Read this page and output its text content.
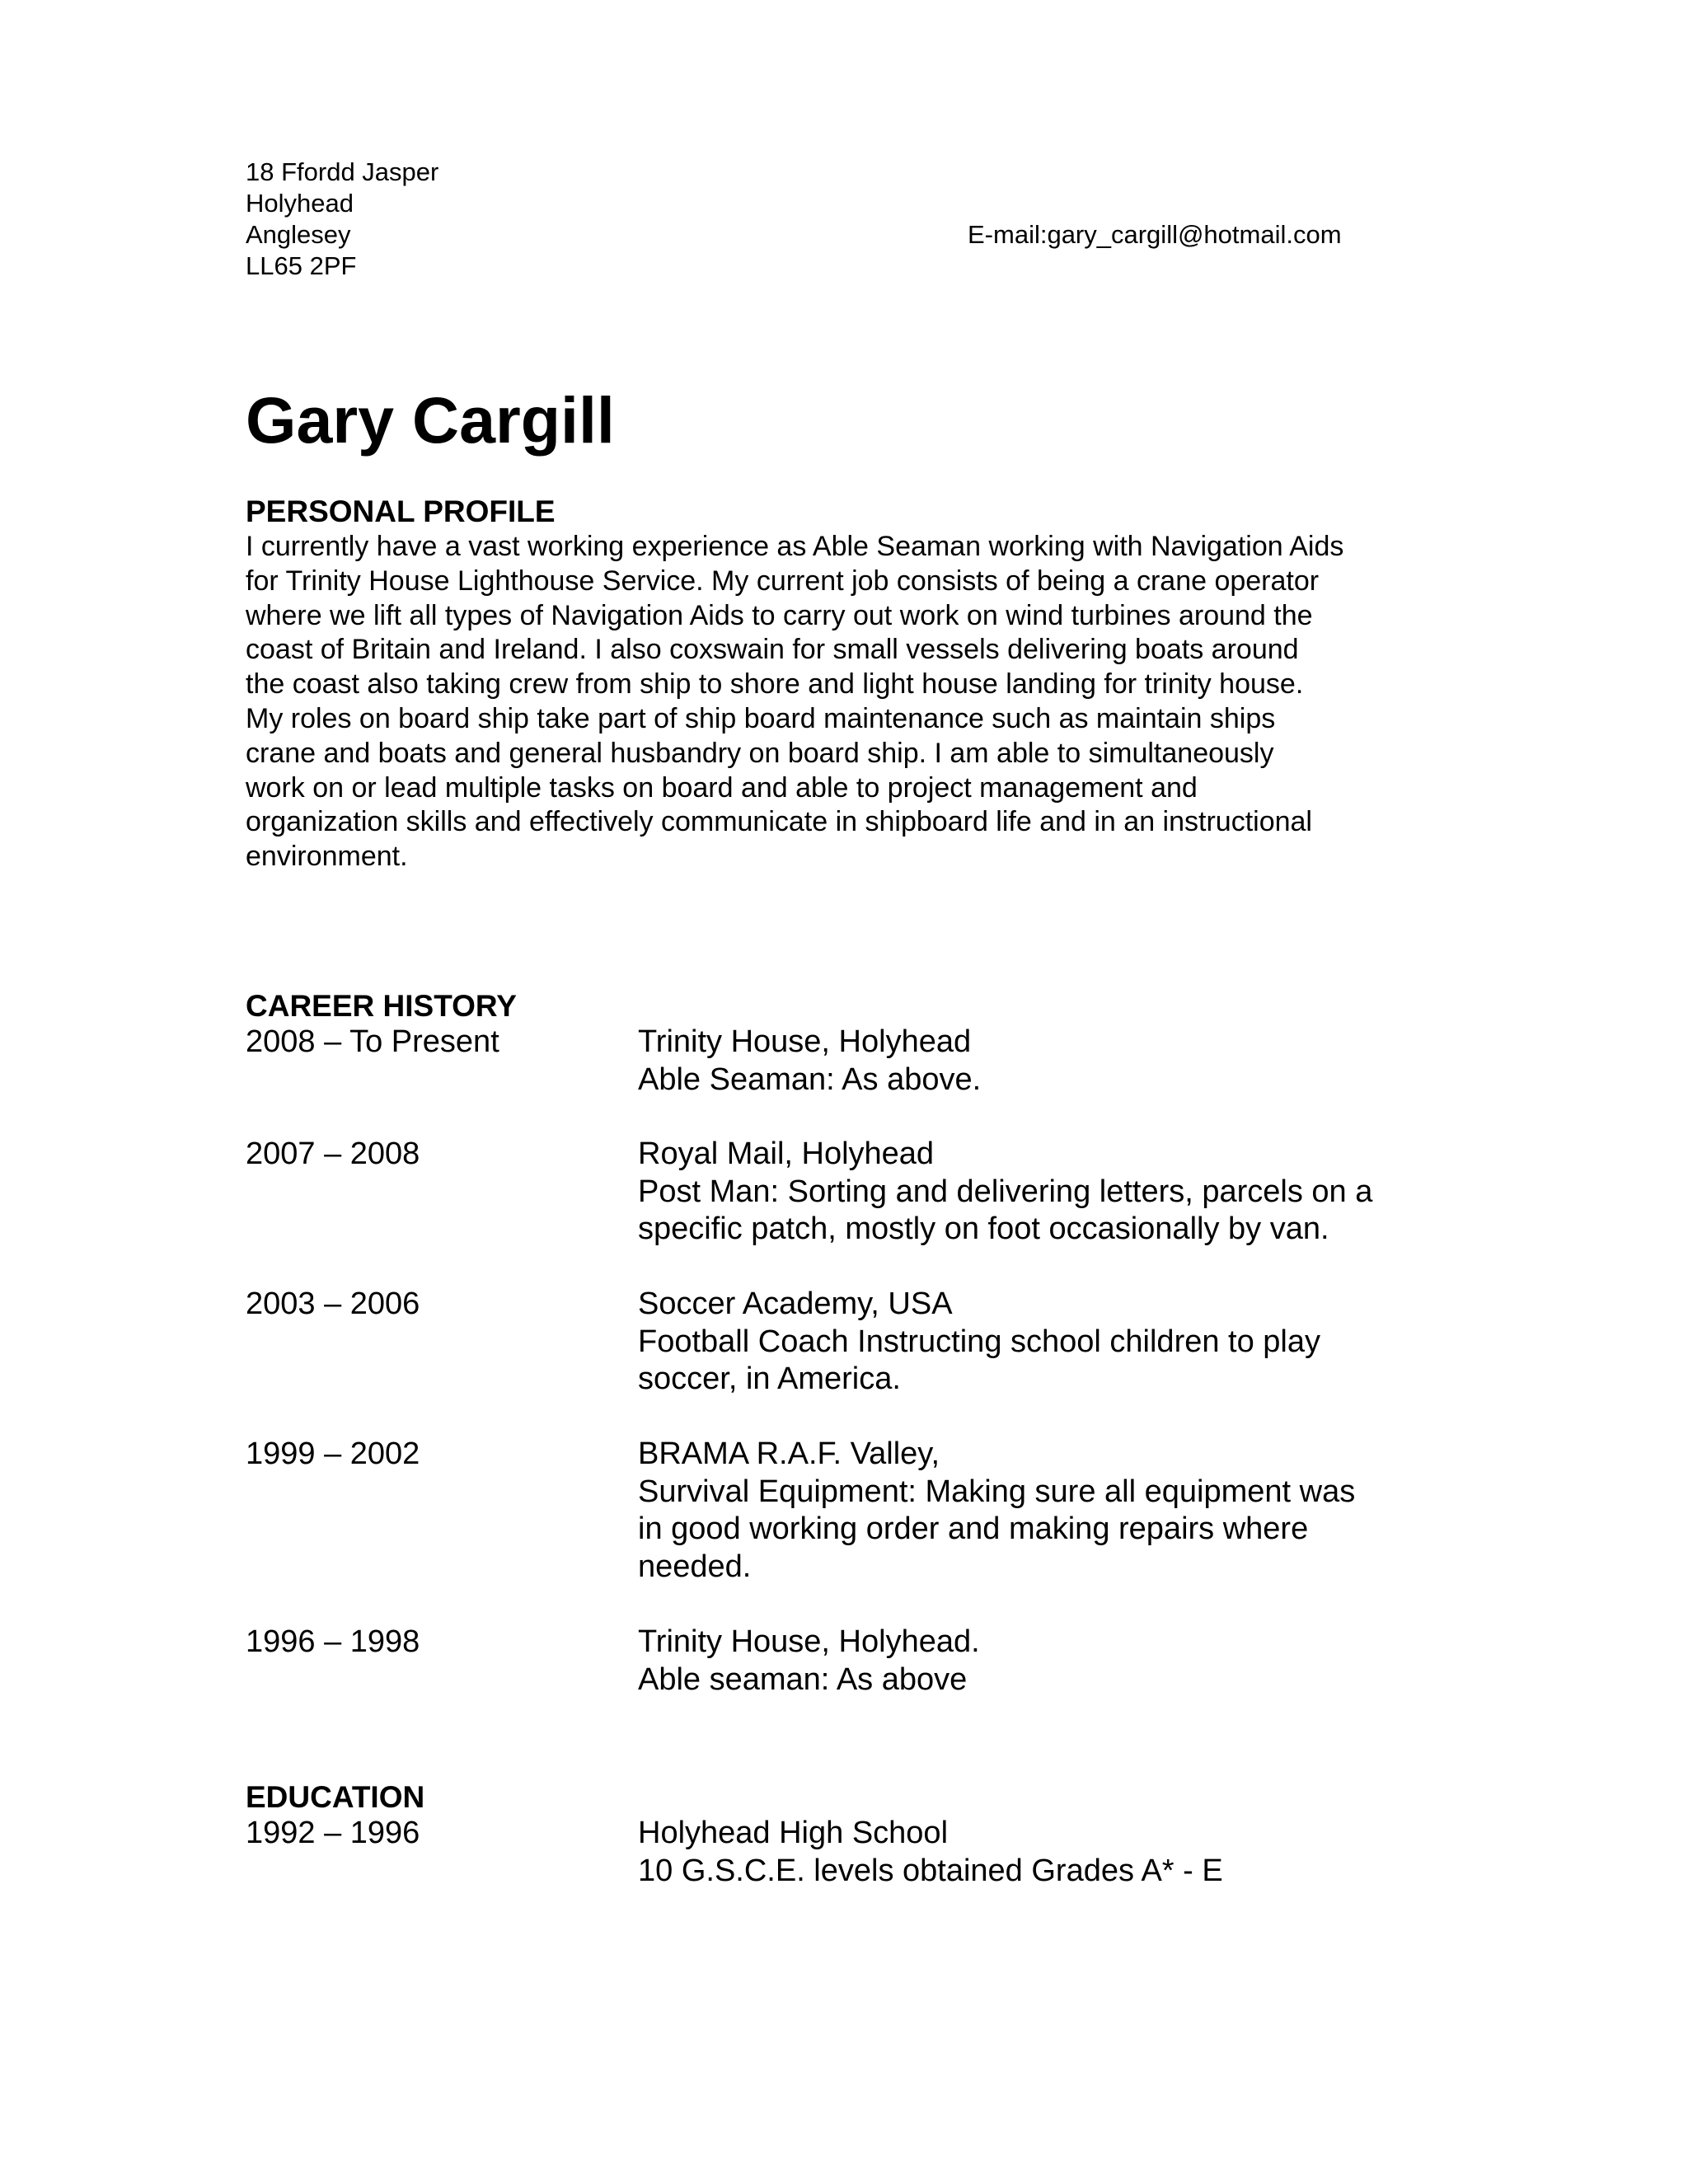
18 Ffordd Jasper
Holyhead
Anglesey
LL65 2PF
E-mail:gary_cargill@hotmail.com
Gary Cargill
PERSONAL PROFILE
I currently have a vast working experience as Able Seaman working with Navigation Aids
for Trinity House Lighthouse Service. My current job consists of being a crane operator
where we lift all types of Navigation Aids to carry out work on wind turbines around the
coast of Britain and Ireland. I also coxswain for small vessels delivering boats around
the coast also taking crew from ship to shore and light house landing for trinity house.
My roles on board ship take part of ship board maintenance such as maintain ships
crane and boats and general husbandry on board ship. I am able to simultaneously
work on or lead multiple tasks on board and able to project management and
organization skills and effectively communicate in shipboard life and in an instructional
environment.
CAREER HISTORY
2008 – To Present	Trinity House, Holyhead
Able Seaman: As above.
2007 – 2008	Royal Mail, Holyhead
Post Man: Sorting and delivering letters, parcels on a
specific patch, mostly on foot occasionally by van.
2003 – 2006	Soccer Academy, USA
Football Coach Instructing school children to play
soccer, in America.
1999 – 2002	BRAMA R.A.F. Valley,
Survival Equipment: Making sure all equipment was
in good working order and making repairs where
needed.
1996 – 1998	Trinity House, Holyhead.
Able seaman: As above
EDUCATION
1992 – 1996	Holyhead High School
10 G.S.C.E. levels obtained Grades A* - E
